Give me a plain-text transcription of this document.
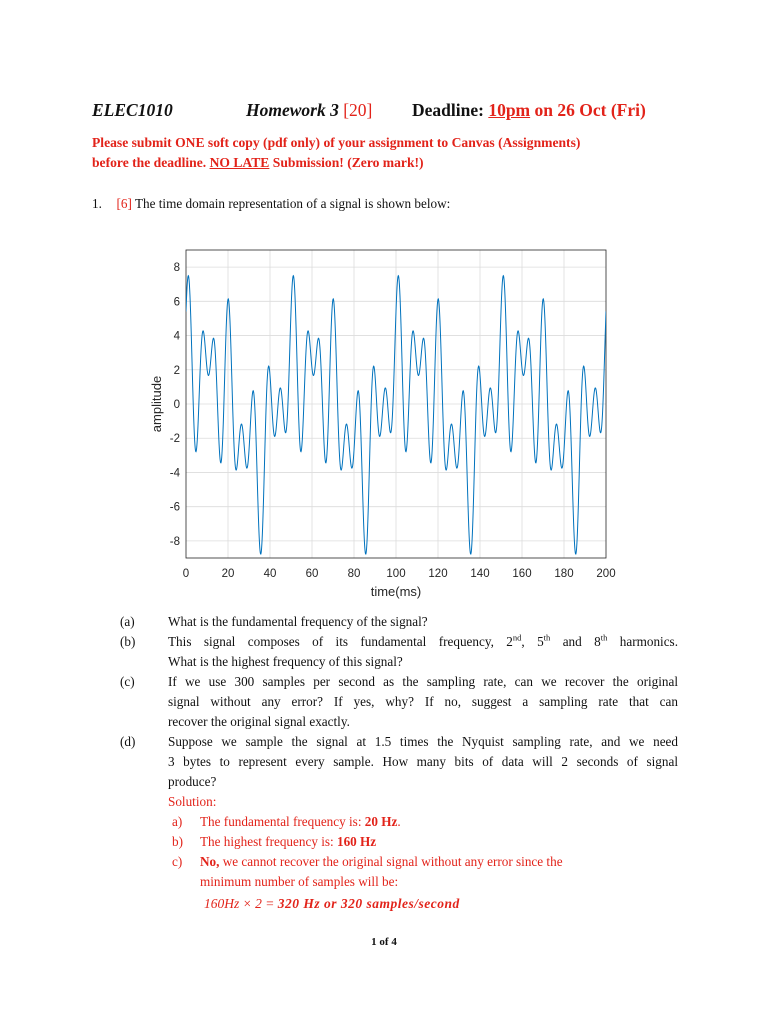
ELEC1010	Homework 3 [20] Deadline: 10pm on 26 Oct (Fri)
Please submit ONE soft copy (pdf only) of your assignment to Canvas (Assignments)
before the deadline. NO LATE Submission! (Zero mark!)
1. [6] The time domain representation of a signal is shown below:
0	20	40	60	80 100 120 140 160 180 200
8
6
4
2
0
-2
-4
-6
-8
time(ms)
amplitude
(a)	What is the fundamental frequency of the signal?
(b) This signal composes of its fundamental frequency, 2nd, 5th and 8th harmonics.
What is the highest frequency of this signal?
(c)	If we use 300 samples per second as the sampling rate, can we recover the original
signal without any error? If yes, why? If no, suggest a sampling rate that can
recover the original signal exactly.
(d) Suppose we sample the signal at 1.5 times the Nyquist sampling rate, and we need
3 bytes to represent every sample. How many bits of data will 2 seconds of signal
produce?
Solution:
a) The fundamental frequency is: 20 Hz.
b) The highest frequency is: 160 Hz
c) No, we cannot recover the original signal without any error since the
minimum number of samples will be:
160Hz × 2 = 320 Hz or 320 samples/second
1 of 4
